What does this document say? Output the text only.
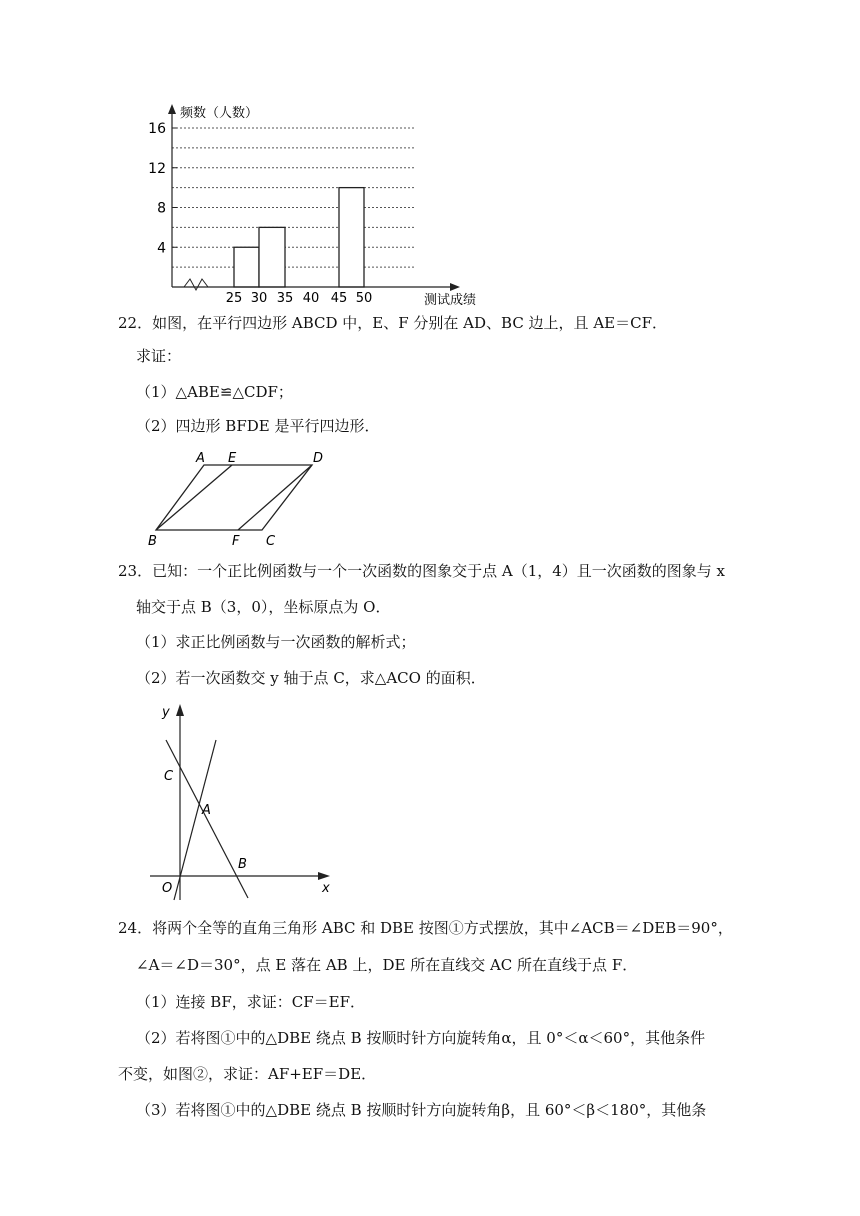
频数（人数）
测试成绩
4
8
12
16
25 30 35 40 45 50
22．如图，在平行四边形 ABCD 中，E、F 分别在 AD、BC 边上，且 AE＝CF．
求证：
（1）△ABE≌△CDF；
（2）四边形 BFDE 是平行四边形．
A E	D
B	F C
23．已知：一个正比例函数与一个一次函数的图象交于点 A（1，4）且一次函数的图象与 x
轴交于点 B（3，0），坐标原点为 O．
（1）求正比例函数与一次函数的解析式；
（2）若一次函数交 y 轴于点 C，求△ACO 的面积．
y
x
C
A
B
O
24．将两个全等的直角三角形 ABC 和 DBE 按图①方式摆放，其中∠ACB＝∠DEB＝90°，
∠A＝∠D＝30°，点 E 落在 AB 上，DE 所在直线交 AC 所在直线于点 F．
（1）连接 BF，求证：CF＝EF．
（2）若将图①中的△DBE 绕点 B 按顺时针方向旋转角α，且 0°＜α＜60°，其他条件
不变，如图②，求证：AF+EF＝DE．
（3）若将图①中的△DBE 绕点 B 按顺时针方向旋转角β，且 60°＜β＜180°，其他条
